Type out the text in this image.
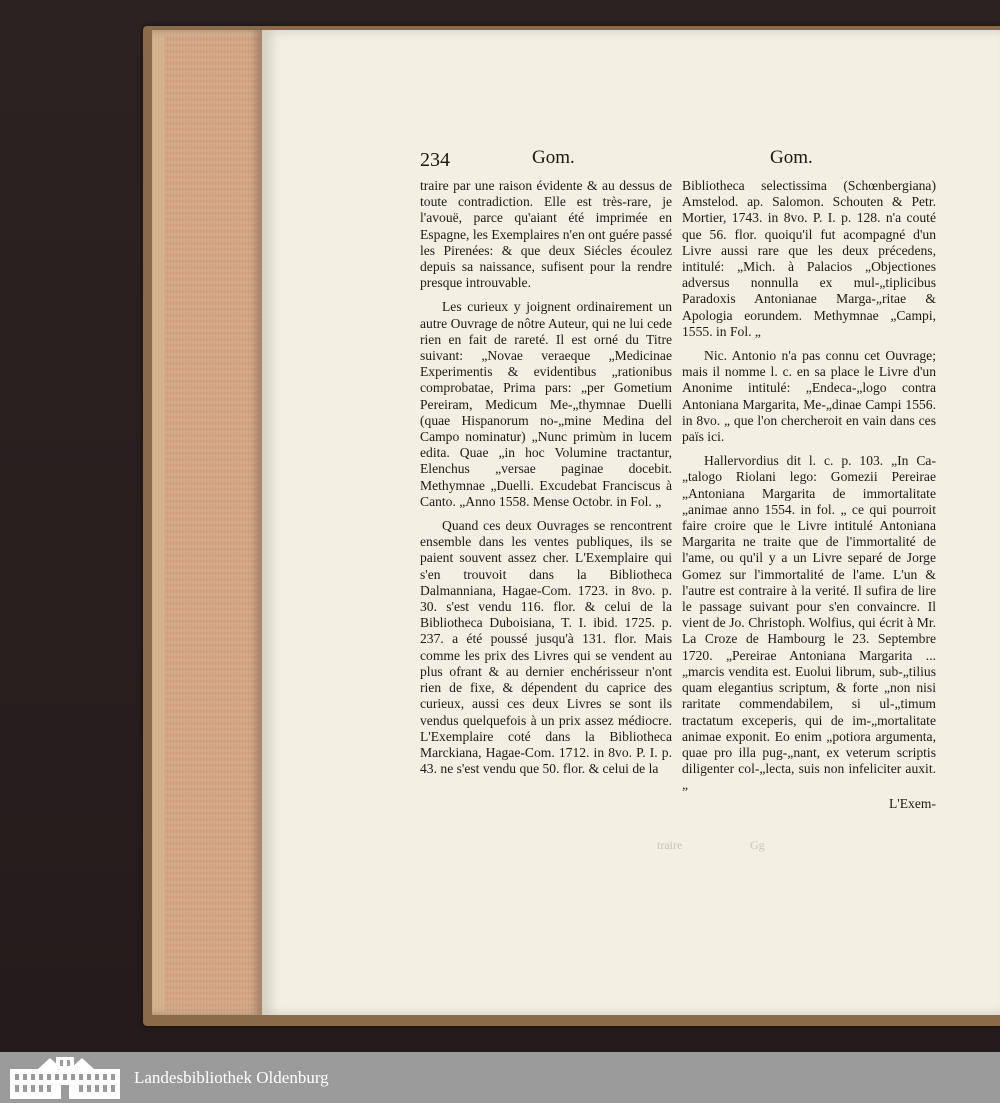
234	Gom.	Gom.

traire par une raison évidente & au dessus de toute contradiction. Elle est très-rare, je l'avouë, parce qu'aiant été imprimée en Espagne, les Exemplaires n'en ont guére passé les Pirenées: & que deux Siécles écoulez depuis sa naissance, sufisent pour la rendre presque introuvable.

Les curieux y joignent ordinairement un autre Ouvrage de nôtre Auteur, qui ne lui cede rien en fait de rareté. Il est orné du Titre suivant: „Novae veraeque „Medicinae Experimentis & evidentibus „rationibus comprobatae, Prima pars: „per Gometium Pereiram, Medicum Me-„thymnae Duelli (quae Hispanorum no-„mine Medina del Campo nominatur) „Nunc primùm in lucem edita. Quae „in hoc Volumine tractantur, Elenchus „versae paginae docebit. Methymnae „Duelli. Excudebat Franciscus à Canto. „Anno 1558. Mense Octobr. in Fol. „

Quand ces deux Ouvrages se rencontrent ensemble dans les ventes publiques, ils se paient souvent assez cher. L'Exemplaire qui s'en trouvoit dans la Bibliotheca Dalmanniana, Hagae-Com. 1723. in 8vo. p. 30. s'est vendu 116. flor. & celui de la Bibliotheca Duboisiana, T. I. ibid. 1725. p. 237. a été poussé jusqu'à 131. flor. Mais comme les prix des Livres qui se vendent au plus ofrant & au dernier enchérisseur n'ont rien de fixe, & dépendent du caprice des curieux, aussi ces deux Livres se sont ils vendus quelquefois à un prix assez médiocre. L'Exemplaire coté dans la Bibliotheca Marckiana, Hagae-Com. 1712. in 8vo. P. I. p. 43. ne s'est vendu que 50. flor. & celui de la

Bibliotheca selectissima (Schœnbergiana) Amstelod. ap. Salomon. Schouten & Petr. Mortier, 1743. in 8vo. P. I. p. 128. n'a couté que 56. flor. quoiqu'il fut acompagné d'un Livre aussi rare que les deux précedens, intitulé: „Mich. à Palacios „Objectiones adversus nonnulla ex mul-„tiplicibus Paradoxis Antonianae Marga-„ritae & Apologia eorundem. Methymnae „Campi, 1555. in Fol. „

Nic. Antonio n'a pas connu cet Ouvrage; mais il nomme l. c. en sa place le Livre d'un Anonime intitulé: „Endeca-„logo contra Antoniana Margarita, Me-„dinae Campi 1556. in 8vo. „ que l'on chercheroit en vain dans ces païs ici.

Hallervordius dit l. c. p. 103. „In Ca-„talogo Riolani lego: Gomezii Pereirae „Antoniana Margarita de immortalitate „animae anno 1554. in fol. „ ce qui pourroit faire croire que le Livre intitulé Antoniana Margarita ne traite que de l'immortalité de l'ame, ou qu'il y a un Livre separé de Jorge Gomez sur l'immortalité de l'ame. L'un & l'autre est contraire à la verité. Il sufira de lire le passage suivant pour s'en convaincre. Il vient de Jo. Christoph. Wolfius, qui écrit à Mr. La Croze de Hambourg le 23. Septembre 1720. „Pereirae Antoniana Margarita ... „marcis vendita est. Euolui librum, sub-„tilius quam elegantius scriptum, & forte „non nisi raritate commendabilem, si ul-„timum tractatum exceperis, qui de im-„mortalitate animae exponit. Eo enim „potiora argumenta, quae pro illa pug-„nant, ex veterum scriptis diligenter col-„lecta, suis non infeliciter auxit. „

L'Exem-

traire	Gg
Landesbibliothek Oldenburg
